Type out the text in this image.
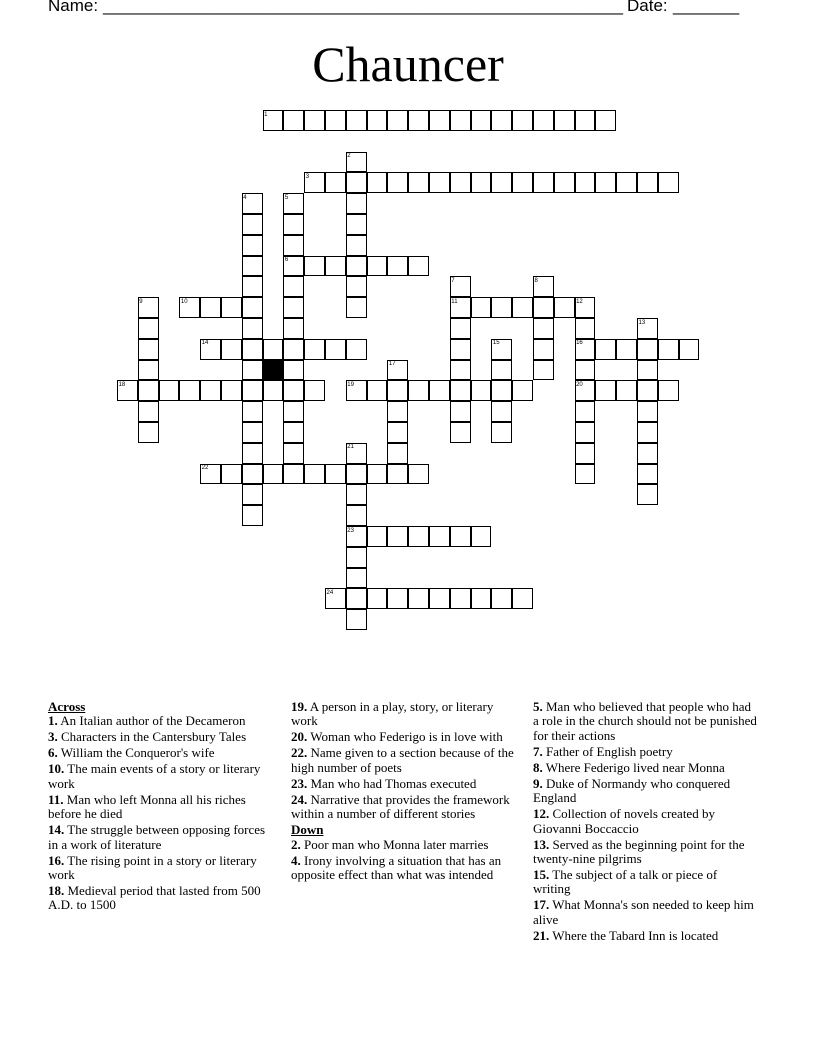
Name: _______________________________________________________ Date: _______
Chauncer
1
2
3
4	5
6
7	8
9	10	11	12
13
14	15	16
17
18	19	20
21
22
23
24
Across
1. An Italian author of the Decameron
3. Characters in the Cantersbury Tales
6. William the Conqueror's wife
10. The main events of a story or literary work
11. Man who left Monna all his riches before he died
14. The struggle between opposing forces in a work of literature
16. The rising point in a story or literary work
18. Medieval period that lasted from 500 A.D. to 1500
19. A person in a play, story, or literary work
20. Woman who Federigo is in love with
22. Name given to a section because of the high number of poets
23. Man who had Thomas executed
24. Narrative that provides the framework within a number of different stories
Down
2. Poor man who Monna later marries
4. Irony involving a situation that has an opposite effect than what was intended
5. Man who believed that people who had a role in the church should not be punished for their actions
7. Father of English poetry
8. Where Federigo lived near Monna
9. Duke of Normandy who conquered England
12. Collection of novels created by Giovanni Boccaccio
13. Served as the beginning point for the twenty-nine pilgrims
15. The subject of a talk or piece of writing
17. What Monna's son needed to keep him alive
21. Where the Tabard Inn is located
